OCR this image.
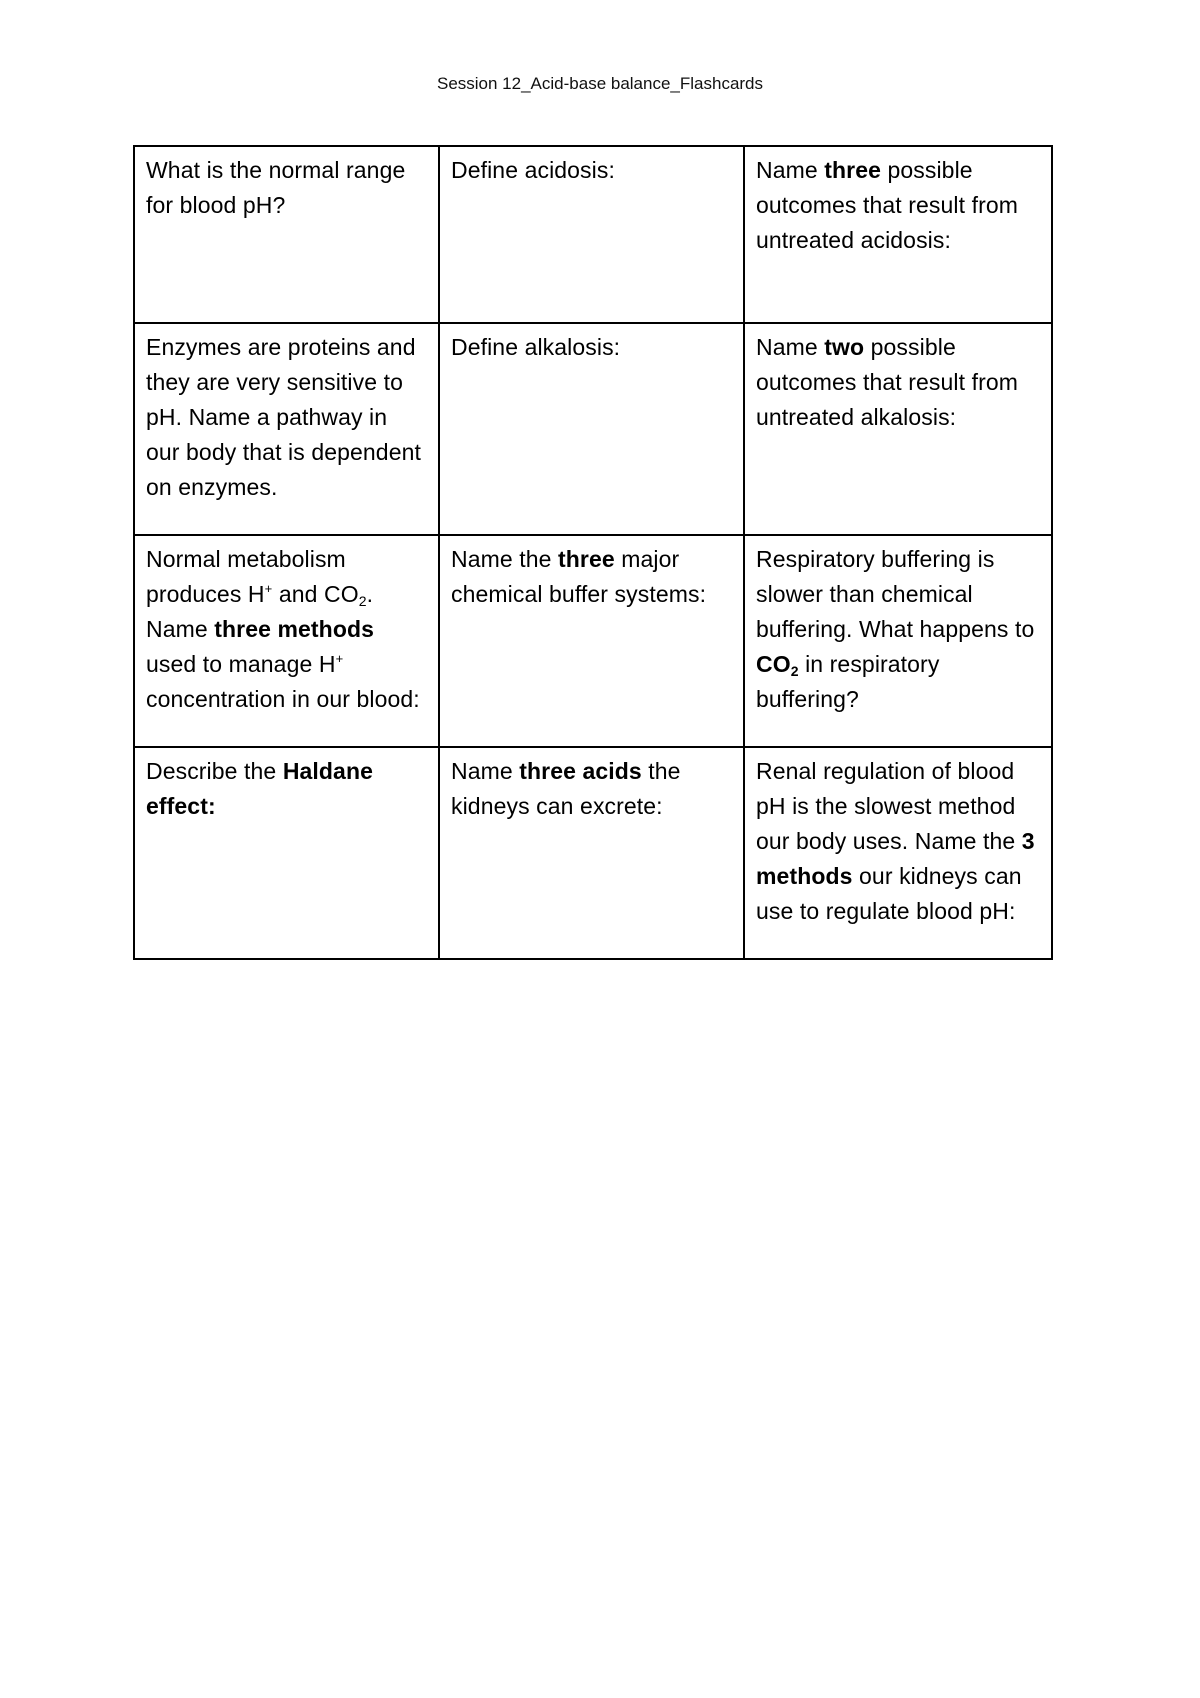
Session 12_Acid-base balance_Flashcards
What is the normal range for blood pH?	Define acidosis:	Name three possible outcomes that result from untreated acidosis:
Enzymes are proteins and they are very sensitive to pH. Name a pathway in our body that is dependent on enzymes.	Define alkalosis:	Name two possible outcomes that result from untreated alkalosis:
Normal metabolism produces H+ and $CO_2$. Name three methods used to manage H+ concentration in our blood:	Name the three major chemical buffer systems:	Respiratory buffering is slower than chemical buffering. What happens to $CO_2$ in respiratory buffering?
Describe the Haldane effect:	Name three acids the kidneys can excrete:	Renal regulation of blood pH is the slowest method our body uses. Name the 3 methods our kidneys can use to regulate blood pH:
